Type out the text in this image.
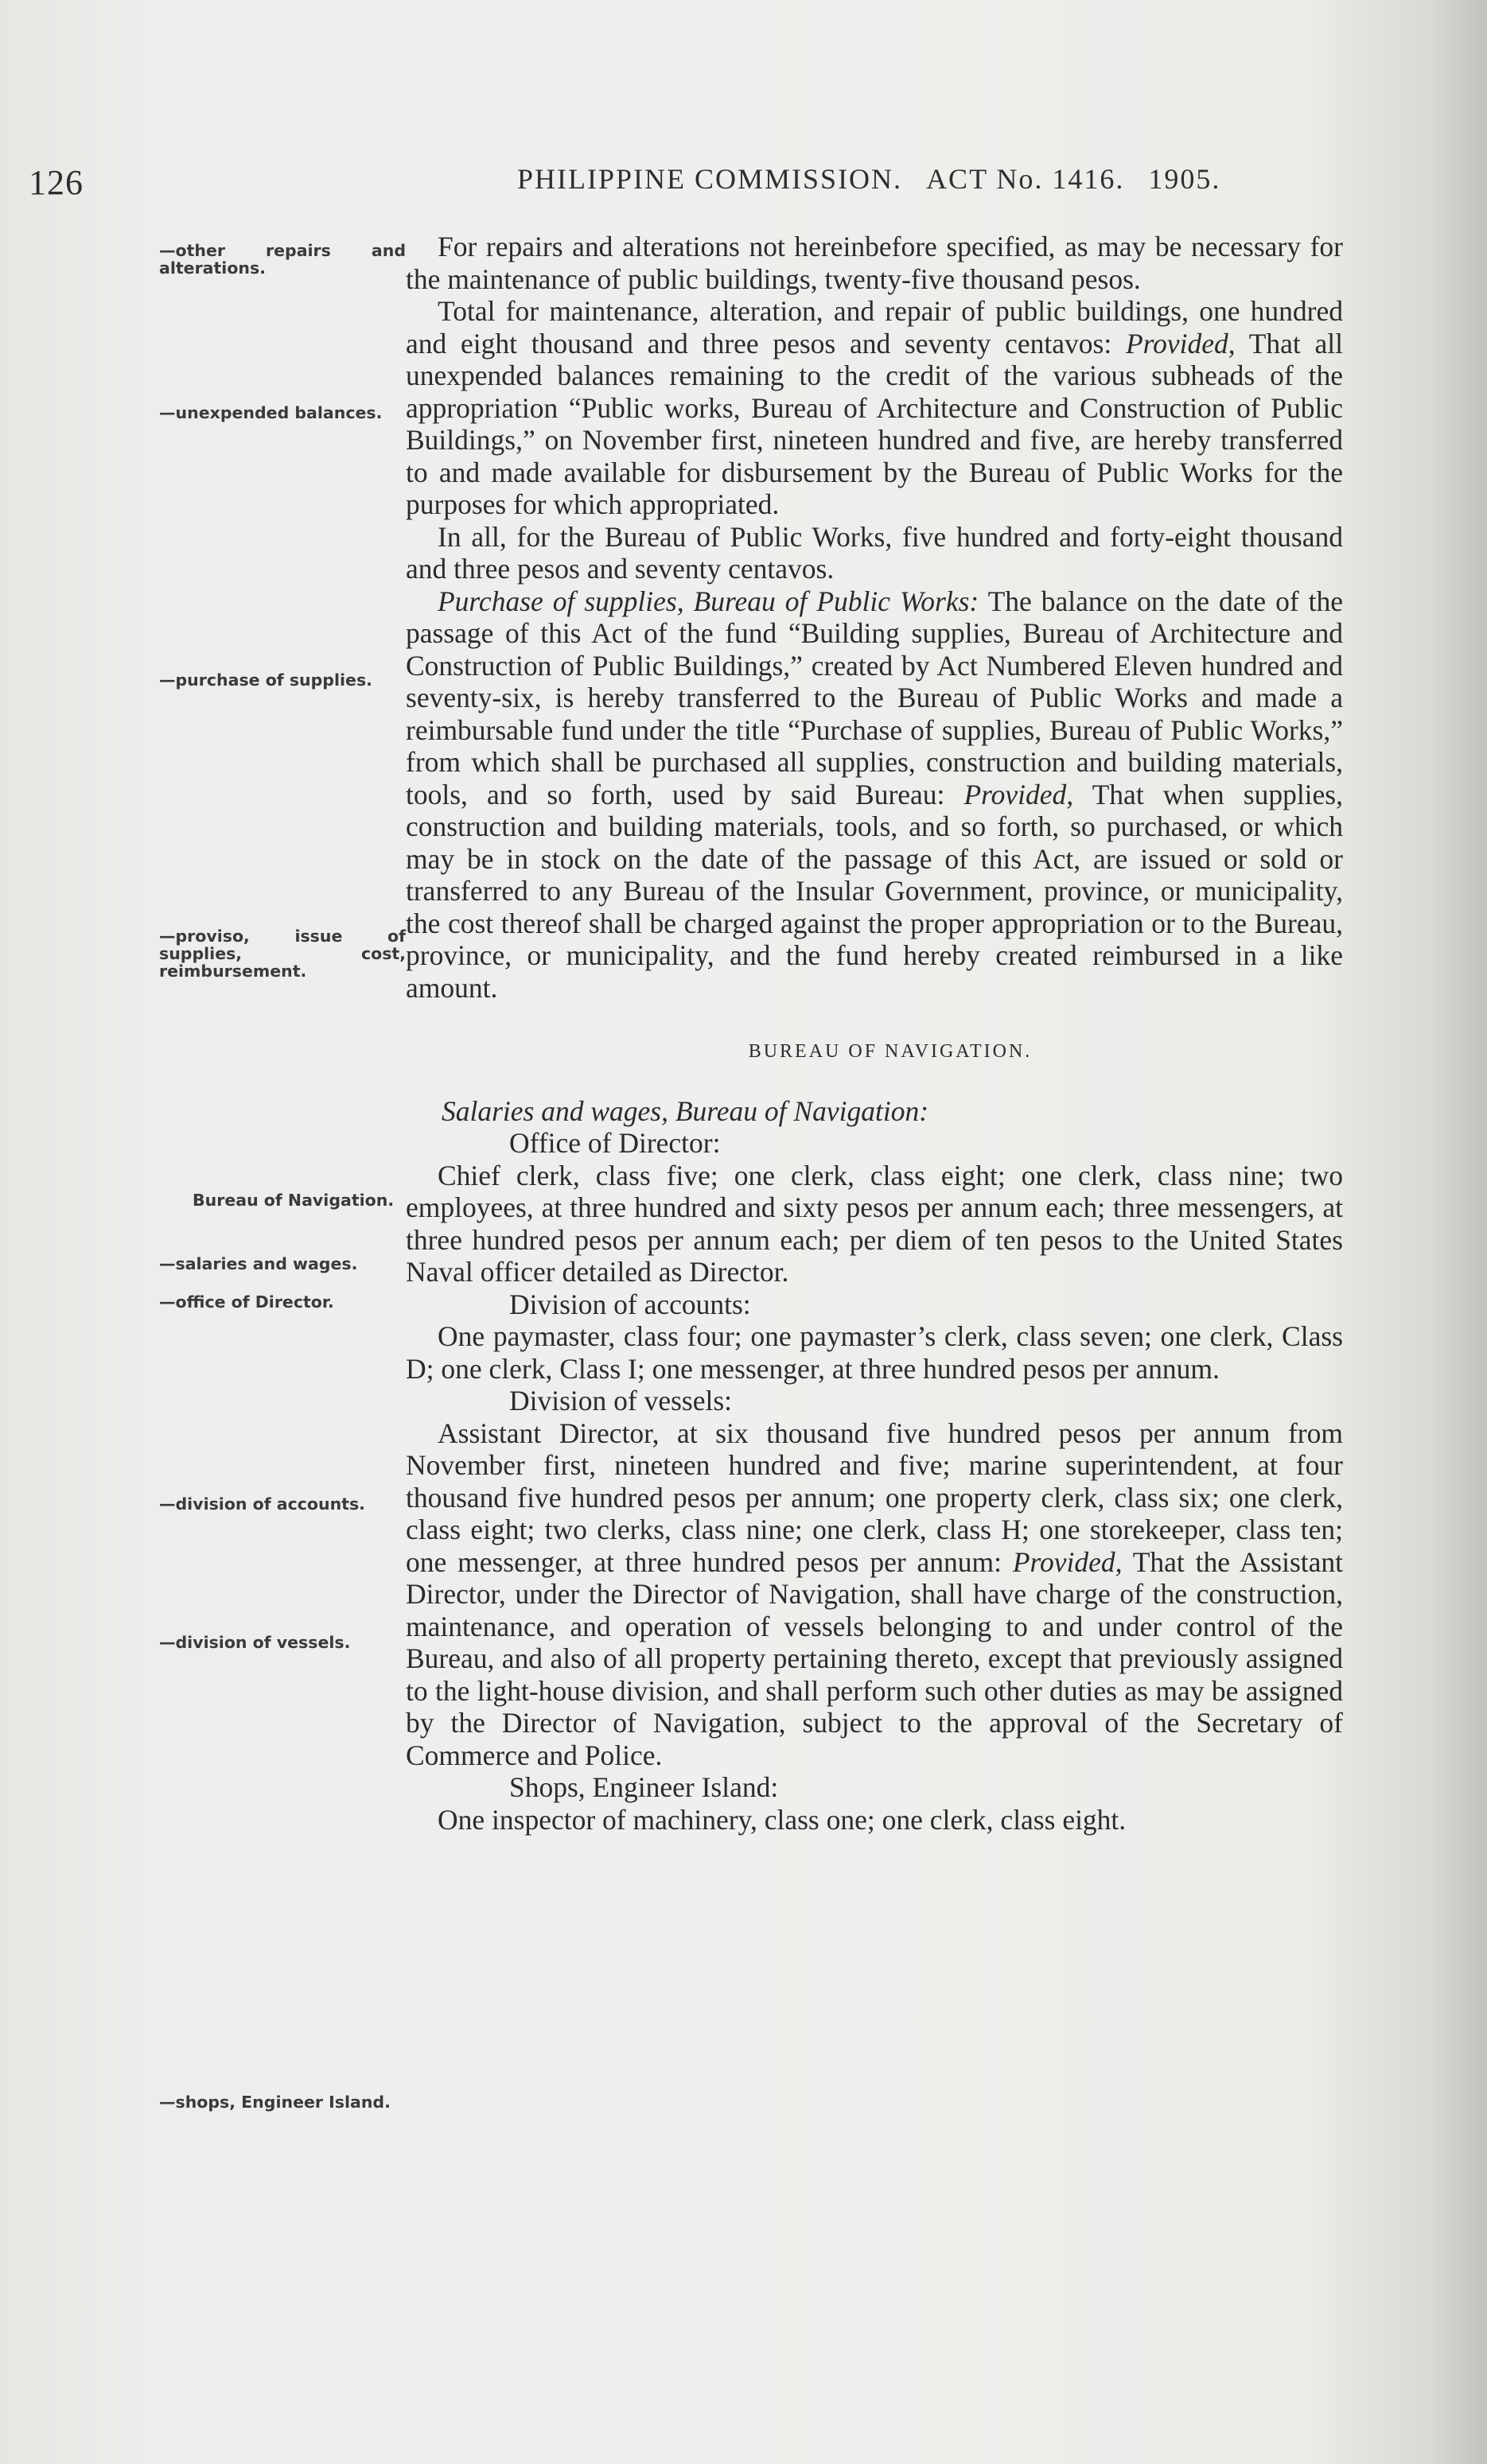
126	PHILIPPINE COMMISSION. ACT No. 1416. 1905.
—other repairs and alterations.
—unexpended balances.
—purchase of supplies.
—proviso, issue of supplies, cost, reimbursement.
Bureau of Navigation.
—salaries and wages.
—office of Director.
—division of accounts.
—division of vessels.
—shops, Engineer Island.

For repairs and alterations not hereinbefore specified, as may be necessary for the maintenance of public buildings, twenty-five thousand pesos.

Total for maintenance, alteration, and repair of public buildings, one hundred and eight thousand and three pesos and seventy centavos: Provided, That all unexpended balances remaining to the credit of the various subheads of the appropriation “Public works, Bureau of Architecture and Construction of Public Buildings,” on November first, nineteen hundred and five, are hereby transferred to and made available for disbursement by the Bureau of Public Works for the purposes for which appropriated.

In all, for the Bureau of Public Works, five hundred and forty-eight thousand and three pesos and seventy centavos.

Purchase of supplies, Bureau of Public Works: The balance on the date of the passage of this Act of the fund “Building supplies, Bureau of Architecture and Construction of Public Buildings,” created by Act Numbered Eleven hundred and seventy-six, is hereby transferred to the Bureau of Public Works and made a reimbursable fund under the title “Purchase of supplies, Bureau of Public Works,” from which shall be purchased all supplies, construction and building materials, tools, and so forth, used by said Bureau: Provided, That when supplies, construction and building materials, tools, and so forth, so purchased, or which may be in stock on the date of the passage of this Act, are issued or sold or transferred to any Bureau of the Insular Government, province, or municipality, the cost thereof shall be charged against the proper appropriation or to the Bureau, province, or municipality, and the fund hereby created reimbursed in a like amount.

BUREAU OF NAVIGATION.

Salaries and wages, Bureau of Navigation:

Office of Director:

Chief clerk, class five; one clerk, class eight; one clerk, class nine; two employees, at three hundred and sixty pesos per annum each; three messengers, at three hundred pesos per annum each; per diem of ten pesos to the United States Naval officer detailed as Director.

Division of accounts:

One paymaster, class four; one paymaster’s clerk, class seven; one clerk, Class D; one clerk, Class I; one messenger, at three hundred pesos per annum.

Division of vessels:

Assistant Director, at six thousand five hundred pesos per annum from November first, nineteen hundred and five; marine superintendent, at four thousand five hundred pesos per annum; one property clerk, class six; one clerk, class eight; two clerks, class nine; one clerk, class H; one storekeeper, class ten; one messenger, at three hundred pesos per annum: Provided, That the Assistant Director, under the Director of Navigation, shall have charge of the construction, maintenance, and operation of vessels belonging to and under control of the Bureau, and also of all property pertaining thereto, except that previously assigned to the light-house division, and shall perform such other duties as may be assigned by the Director of Navigation, subject to the approval of the Secretary of Commerce and Police.

Shops, Engineer Island:

One inspector of machinery, class one; one clerk, class eight.
